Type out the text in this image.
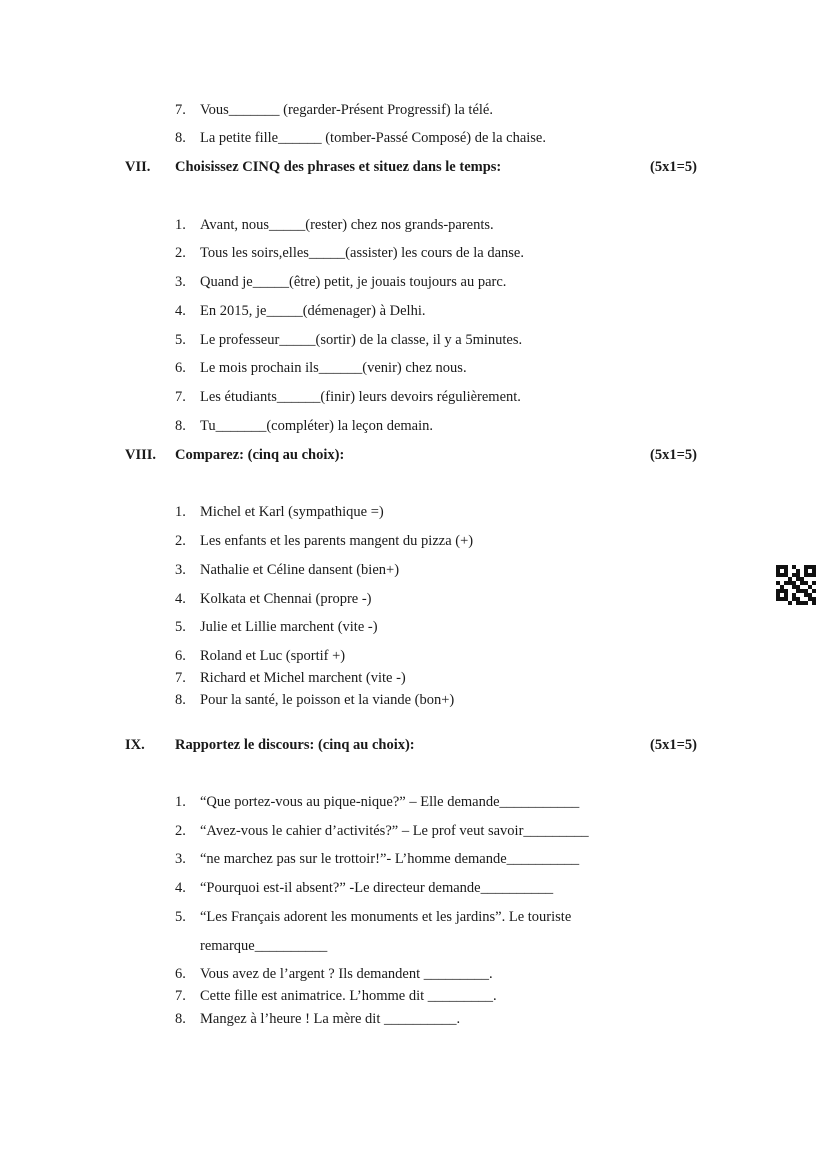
7. Vous_______ (regarder-Présent Progressif) la télé.
8. La petite fille______ (tomber-Passé Composé) de la chaise.
VII. Choisissez CINQ des phrases et situez dans le temps:	(5x1=5)
1. Avant, nous_____(rester) chez nos grands-parents.
2. Tous les soirs,elles_____(assister) les cours de la danse.
3. Quand je_____(être) petit, je jouais toujours au parc.
4. En 2015, je_____(démenager) à Delhi.
5. Le professeur_____(sortir) de la classe, il y a 5minutes.
6. Le mois prochain ils______(venir) chez nous.
7. Les étudiants______(finir) leurs devoirs régulièrement.
8. Tu_______(compléter) la leçon demain.
VIII. Comparez: (cinq au choix):	(5x1=5)
1. Michel et Karl (sympathique =)
2. Les enfants et les parents mangent du pizza (+)
3. Nathalie et Céline dansent (bien+)
4. Kolkata et Chennai (propre -)
5. Julie et Lillie marchent (vite -)
6. Roland et Luc (sportif +)
7. Richard et Michel marchent (vite -)
8. Pour la santé, le poisson et la viande (bon+)
IX. Rapportez le discours: (cinq au choix):	(5x1=5)
1. “Que portez-vous au pique-nique?” – Elle demande___________
2. “Avez-vous le cahier d’activités?” – Le prof veut savoir_________
3. “ne marchez pas sur le trottoir!”- L’homme demande__________
4. “Pourquoi est-il absent?” -Le directeur demande__________
5. “Les Français adorent les monuments et les jardins”. Le touriste
remarque__________
6. Vous avez de l’argent ? Ils demandent _________.
7. Cette fille est animatrice. L’homme dit _________.
8. Mangez à l’heure ! La mère dit __________.
